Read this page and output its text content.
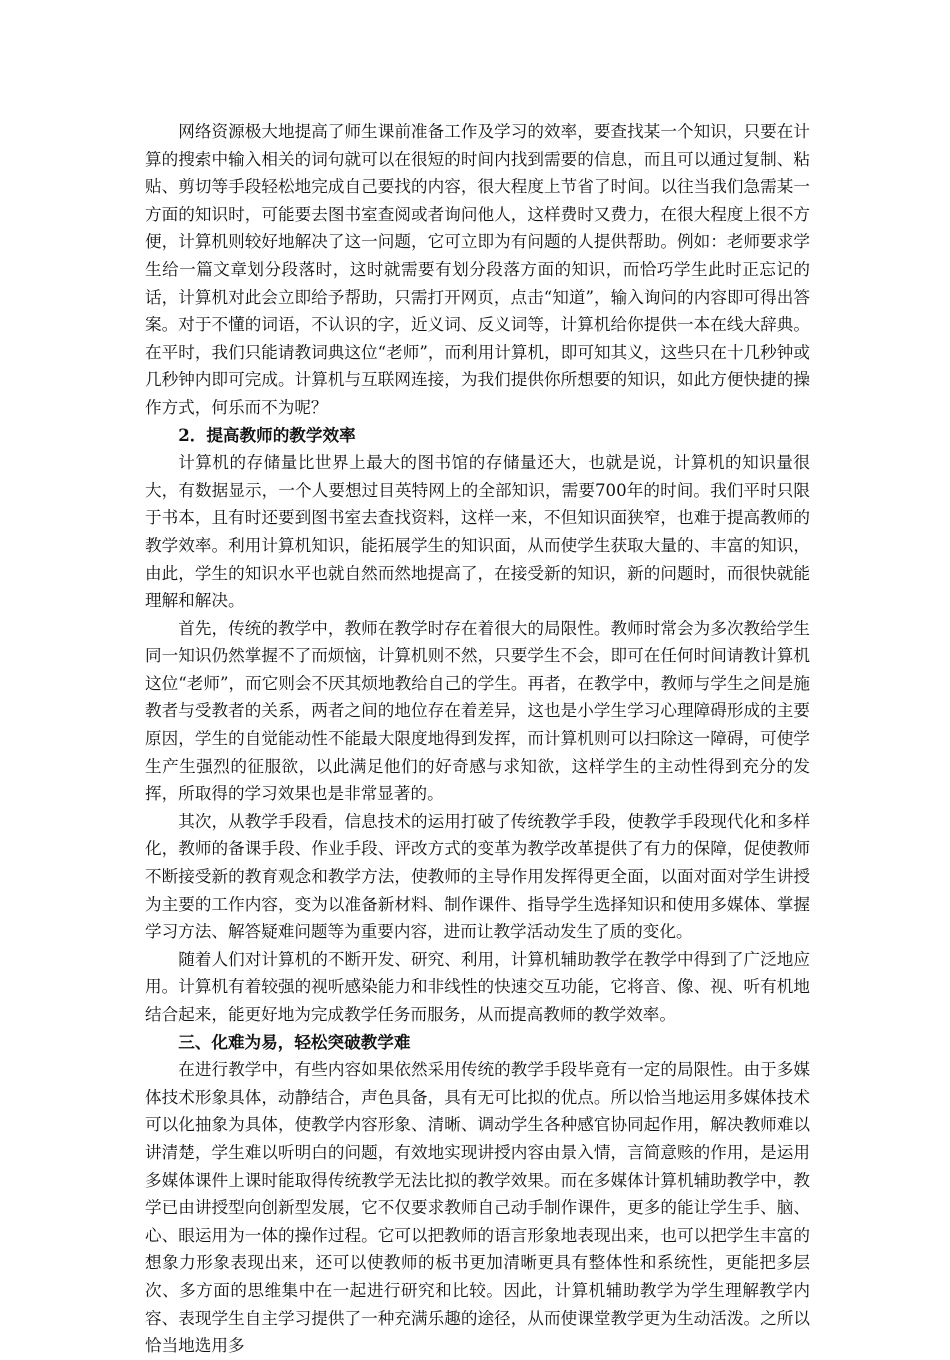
网络资源极大地提高了师生课前准备工作及学习的效率，要查找某一个知识，只要在计算的搜索中输入相关的词句就可以在很短的时间内找到需要的信息，而且可以通过复制、粘贴、剪切等手段轻松地完成自己要找的内容，很大程度上节省了时间。以往当我们急需某一方面的知识时，可能要去图书室查阅或者询问他人，这样费时又费力，在很大程度上很不方便，计算机则较好地解决了这一问题，它可立即为有问题的人提供帮助。例如：老师要求学生给一篇文章划分段落时，这时就需要有划分段落方面的知识，而恰巧学生此时正忘记的话，计算机对此会立即给予帮助，只需打开网页，点击“知道”，输入询问的内容即可得出答案。对于不懂的词语，不认识的字，近义词、反义词等，计算机给你提供一本在线大辞典。在平时，我们只能请教词典这位“老师”，而利用计算机，即可知其义，这些只在十几秒钟或几秒钟内即可完成。计算机与互联网连接，为我们提供你所想要的知识，如此方便快捷的操作方式，何乐而不为呢？

2．提高教师的教学效率

计算机的存储量比世界上最大的图书馆的存储量还大，也就是说，计算机的知识量很大，有数据显示，一个人要想过目英特网上的全部知识，需要700年的时间。我们平时只限于书本，且有时还要到图书室去查找资料，这样一来，不但知识面狭窄，也难于提高教师的教学效率。利用计算机知识，能拓展学生的知识面，从而使学生获取大量的、丰富的知识，由此，学生的知识水平也就自然而然地提高了，在接受新的知识，新的问题时，而很快就能理解和解决。

首先，传统的教学中，教师在教学时存在着很大的局限性。教师时常会为多次教给学生同一知识仍然掌握不了而烦恼，计算机则不然，只要学生不会，即可在任何时间请教计算机这位“老师”，而它则会不厌其烦地教给自己的学生。再者，在教学中，教师与学生之间是施教者与受教者的关系，两者之间的地位存在着差异，这也是小学生学习心理障碍形成的主要原因，学生的自觉能动性不能最大限度地得到发挥，而计算机则可以扫除这一障碍，可使学生产生强烈的征服欲，以此满足他们的好奇感与求知欲，这样学生的主动性得到充分的发挥，所取得的学习效果也是非常显著的。

其次，从教学手段看，信息技术的运用打破了传统教学手段，使教学手段现代化和多样化，教师的备课手段、作业手段、评改方式的变革为教学改革提供了有力的保障，促使教师不断接受新的教育观念和教学方法，使教师的主导作用发挥得更全面，以面对面对学生讲授为主要的工作内容，变为以准备新材料、制作课件、指导学生选择知识和使用多媒体、掌握学习方法、解答疑难问题等为重要内容，进而让教学活动发生了质的变化。

随着人们对计算机的不断开发、研究、利用，计算机辅助教学在教学中得到了广泛地应用。计算机有着较强的视听感染能力和非线性的快速交互功能，它将音、像、视、听有机地结合起来，能更好地为完成教学任务而服务，从而提高教师的教学效率。

三、化难为易，轻松突破教学难

在进行教学中，有些内容如果依然采用传统的教学手段毕竟有一定的局限性。由于多媒体技术形象具体，动静结合，声色具备，具有无可比拟的优点。所以恰当地运用多媒体技术可以化抽象为具体，使教学内容形象、清晰、调动学生各种感官协同起作用，解决教师难以讲清楚，学生难以听明白的问题，有效地实现讲授内容由景入情，言简意赅的作用，是运用多媒体课件上课时能取得传统教学无法比拟的教学效果。而在多媒体计算机辅助教学中，教学已由讲授型向创新型发展，它不仅要求教师自己动手制作课件，更多的能让学生手、脑、心、眼运用为一体的操作过程。它可以把教师的语言形象地表现出来，也可以把学生丰富的想象力形象表现出来，还可以使教师的板书更加清晰更具有整体性和系统性，更能把多层次、多方面的思维集中在一起进行研究和比较。因此，计算机辅助教学为学生理解教学内容、表现学生自主学习提供了一种充满乐趣的途径，从而使课堂教学更为生动活泼。之所以恰当地选用多
